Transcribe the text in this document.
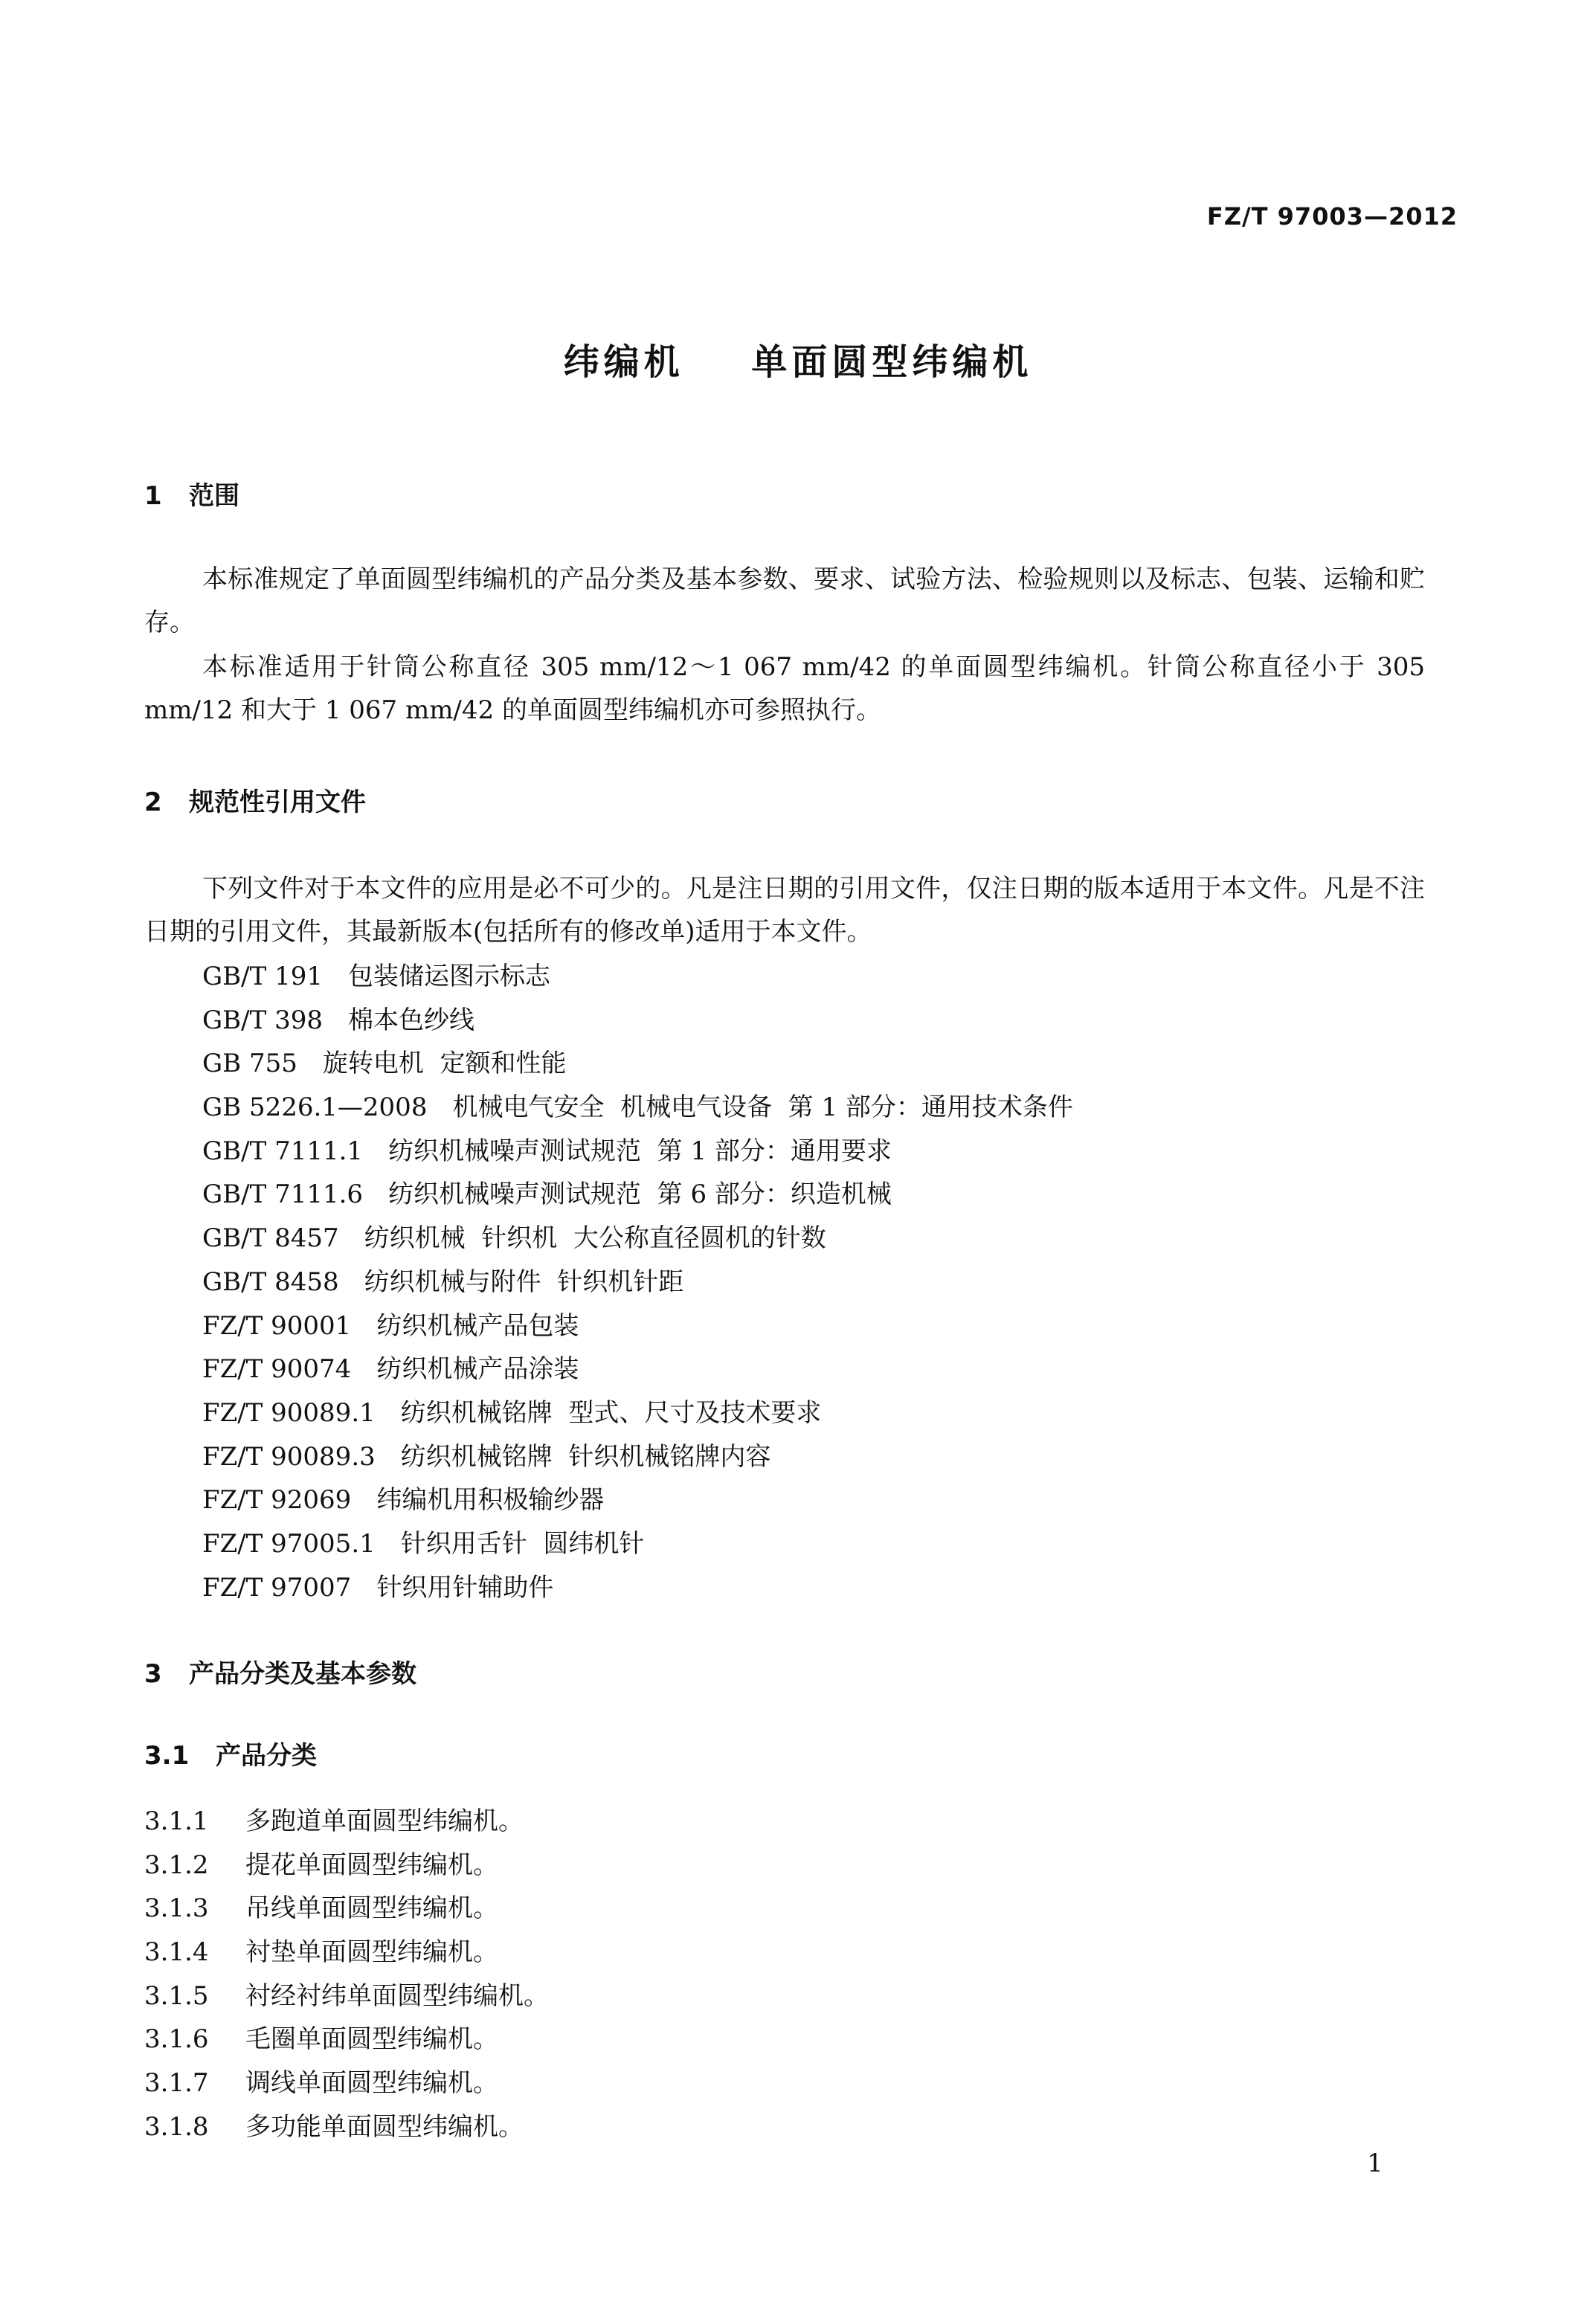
FZ/T 97003—2012
纬编机    单面圆型纬编机
1 范围

本标准规定了单面圆型纬编机的产品分类及基本参数、要求、试验方法、检验规则以及标志、包装、运输和贮存。

本标准适用于针筒公称直径 305 mm/12～1 067 mm/42 的单面圆型纬编机。针筒公称直径小于 305 mm/12 和大于 1 067 mm/42 的单面圆型纬编机亦可参照执行。

2 规范性引用文件

下列文件对于本文件的应用是必不可少的。凡是注日期的引用文件，仅注日期的版本适用于本文件。凡是不注日期的引用文件，其最新版本(包括所有的修改单)适用于本文件。

GB/T 191 包装储运图示标志
GB/T 398 棉本色纱线
GB 755 旋转电机  定额和性能
GB 5226.1—2008 机械电气安全  机械电气设备  第 1 部分：通用技术条件
GB/T 7111.1 纺织机械噪声测试规范  第 1 部分：通用要求
GB/T 7111.6 纺织机械噪声测试规范  第 6 部分：织造机械
GB/T 8457 纺织机械  针织机  大公称直径圆机的针数
GB/T 8458 纺织机械与附件  针织机针距
FZ/T 90001 纺织机械产品包装
FZ/T 90074 纺织机械产品涂装
FZ/T 90089.1 纺织机械铭牌  型式、尺寸及技术要求
FZ/T 90089.3 纺织机械铭牌  针织机械铭牌内容
FZ/T 92069 纬编机用积极输纱器
FZ/T 97005.1 针织用舌针  圆纬机针
FZ/T 97007 针织用针辅助件
3 产品分类及基本参数
3.1 产品分类
3.1.1 多跑道单面圆型纬编机。
3.1.2 提花单面圆型纬编机。
3.1.3 吊线单面圆型纬编机。
3.1.4 衬垫单面圆型纬编机。
3.1.5 衬经衬纬单面圆型纬编机。
3.1.6 毛圈单面圆型纬编机。
3.1.7 调线单面圆型纬编机。
3.1.8 多功能单面圆型纬编机。
1
